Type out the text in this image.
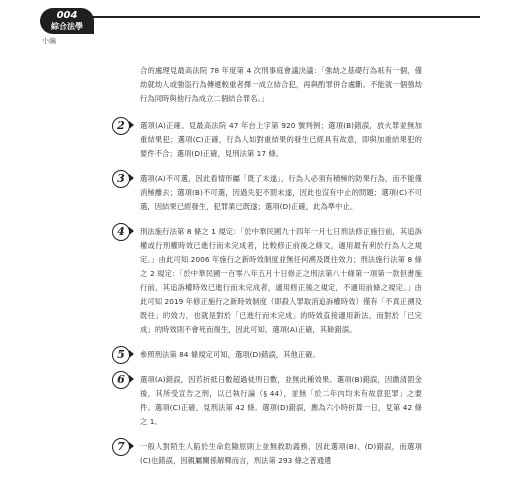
004
綜合法學
小編

合的處理見最高法院 78 年度第 4 次刑事庭會議決議：「強劫之基礎行為祇有一個，僅劫就劫人或強盜行為傳遞較重者擇一成立結合犯，再與酌罪併合處斷。不能就一個強劫行為同時與他行為成立二個結合罪名。」

2	選項(A)正確。見最高法院 47 年台上字第 920 號判例；選項(B)錯誤，放火罪並無加重結果犯；選項(C)正確，行為人如對重結果的發生已經具有故意，即與加重結果犯的要件不合；選項(D)正確，見刑法第 17 條。

3	選項(A)不可選，因此看情形屬「既了未遂」，行為人必須有積極的防果行為，而不能僅消極離去；選項(B)不可選，因過失犯不罰未遂，因此也沒有中止的問題；選項(C)不可選，因結果已經發生，犯罪業已既遂；選項(D)正確，此為準中止。

4	刑法施行法第 8 條之 1 規定：「於中華民國九十四年一月七日刑法修正施行前，其追訴權或行刑權時效已進行而未完成者，比較修正前後之條文，適用最有利於行為人之規定。」由此可知 2006 年施行之新時效制度並無任何溯及既往效力；刑法施行法第 8 條之 2 規定：「於中華民國一百零八年五月十日修正之刑法第八十條第一項第一款但書施行前，其追訴權時效已進行而未完成者，適用修正後之規定，不適用前條之規定。」由此可知 2019 年修正施行之新時效制度（即殺人罪取消追訴權時效）僅有「不真正溯及既往」的效力，也就是對於「已進行而未完成」的時效直接適用新法，而對於「已完成」的時效則不會死而復生，因此可知，選項(A)正確，其餘錯誤。

5	參照刑法第 84 條規定可知，選項(D)錯誤，其他正確。

6	選項(A)錯誤，因若折抵日數超過徒刑日數，並無此種效果。選項(B)錯誤，因繳清罰金後，其所受宣告之刑，以已執行論（§ 44），並無「於二年內均未有故意犯罪」之要件。選項(C)正確，見刑法第 42 條。選項(D)錯誤，應為六小時折算一日，見第 42 條之 1。

7	一般人對陌生人陷於生命危險原則上並無救助義務，因此選項(B)、(D)錯誤，而選項(C)也錯誤，因親屬關係解釋而言，刑法第 293 條之普通遺
